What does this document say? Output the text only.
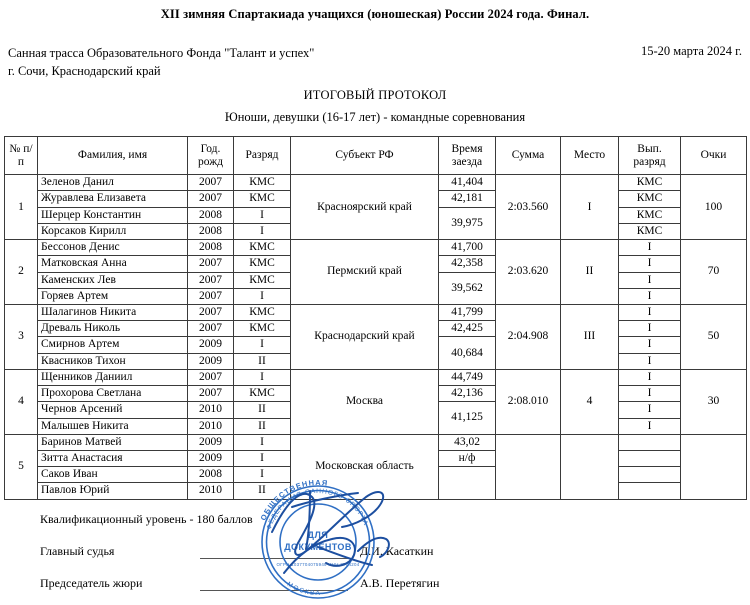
XII зимняя Спартакиада учащихся (юношеская) России 2024 года. Финал.
Санная трасса Образовательного Фонда "Талант и успех"
г. Сочи, Краснодарский край
15-20 марта 2024 г.
ИТОГОВЫЙ ПРОТОКОЛ
Юноши, девушки (16-17 лет) - командные соревнования
№ п/п	Фамилия, имя	
Год.
рожд
	Разряд	Субъект РФ	
Время
заезда
	Сумма	Место	
Вып.
разряд
	Очки
1	Зеленов Данил	2007	КМС	Красноярский край	41,404	2:03.560	I	КМС	100
	Журавлева Елизавета	2007	КМС		42,181			КМС	
	Шерцер Константин	2008	I		39,975			КМС	
	Корсаков Кирилл	2008	I					КМС	
2	Бессонов Денис	2008	КМС	Пермский край	41,700	2:03.620	II	I	70
	Матковская Анна	2007	КМС		42,358			I	
	Каменских Лев	2007	КМС		39,562			I	
	Горяев Артем	2007	I					I	
3	Шалагинов Никита	2007	КМС	Краснодарский край	41,799	2:04.908	III	I	50
	Древаль Николь	2007	КМС		42,425			I	
	Смирнов Артем	2009	I		40,684			I	
	Квасников Тихон	2009	II					I	
4	Щенников Даниил	2007	I	Москва	44,749	2:08.010	4	I	30
	Прохорова Светлана	2007	КМС		42,136			I	
	Чернов Арсений	2010	II		41,125			I	
	Малышев Никита	2010	II					I	
5	Баринов Матвей	2009	I	Московская область	43,02				
	Зитта Анастасия	2009	I		н/ф				
	Саков Иван	2008	I						
	Павлов Юрий	2010	II						
Квалификационный уровень - 180 баллов
Главный судья	Д.И. Касаткин
Председатель жюри	А.В. Перетягин
ОБЩЕСТВЕННАЯ
ФЕДЕРАЦИЯ САННОГО СПОРТА
МОСКВА
ДЛЯ
ДОКУМЕНТОВ
ОГРН 1037704075949 ИНН 7704204
